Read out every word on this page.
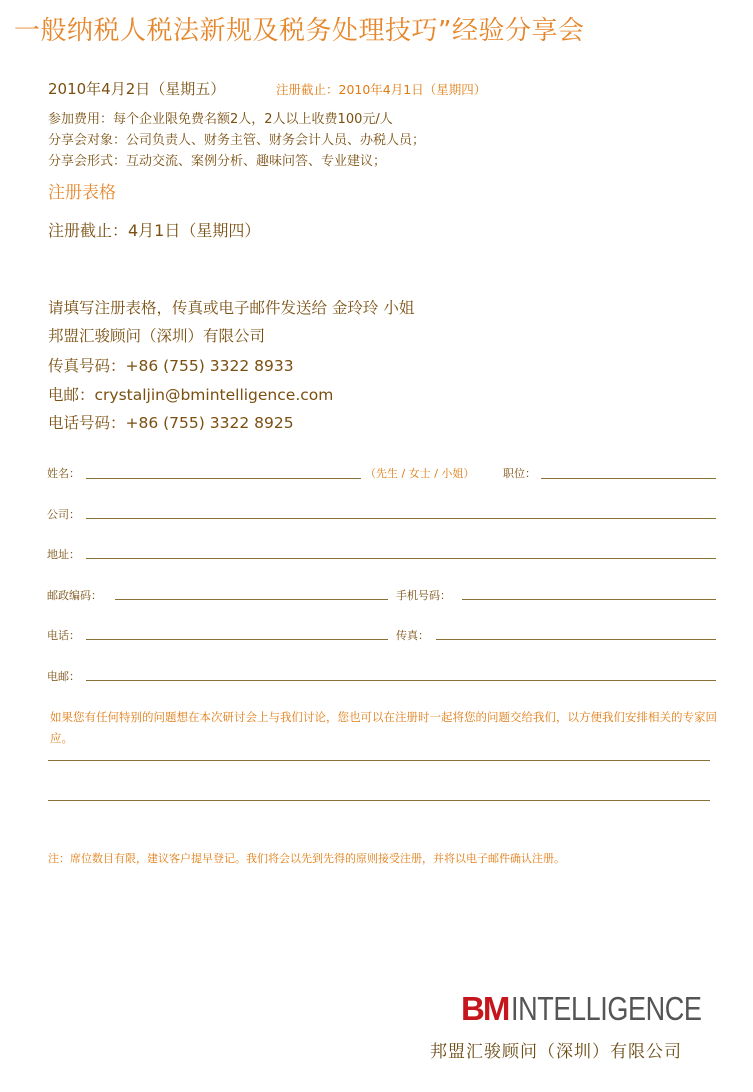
一般纳税人税法新规及税务处理技巧”经验分享会
2010年4月2日（星期五）	注册截止：2010年4月1日（星期四）
参加费用：每个企业限免费名额2人，2人以上收费100元/人
分享会对象：公司负责人、财务主管、财务会计人员、办税人员；
分享会形式：互动交流、案例分析、趣味问答、专业建议；
注册表格
注册截止：4月1日（星期四）
请填写注册表格，传真或电子邮件发送给 金玲玲 小姐
邦盟汇骏顾问（深圳）有限公司
传真号码：+86 (755) 3322 8933
电邮：crystaljin@bmintelligence.com
电话号码：+86 (755) 3322 8925
姓名：	（先生 / 女士 / 小姐）	职位：
公司：
地址：
邮政编码：	手机号码：
电话：	传真：
电邮：
如果您有任何特别的问题想在本次研讨会上与我们讨论，您也可以在注册时一起将您的问题交给我们，以方便我们安排相关的专家回应。
注：席位数目有限，建议客户提早登记。我们将会以先到先得的原则接受注册，并将以电子邮件确认注册。
BMINTELLIGENCE
邦盟汇骏顾问（深圳）有限公司
